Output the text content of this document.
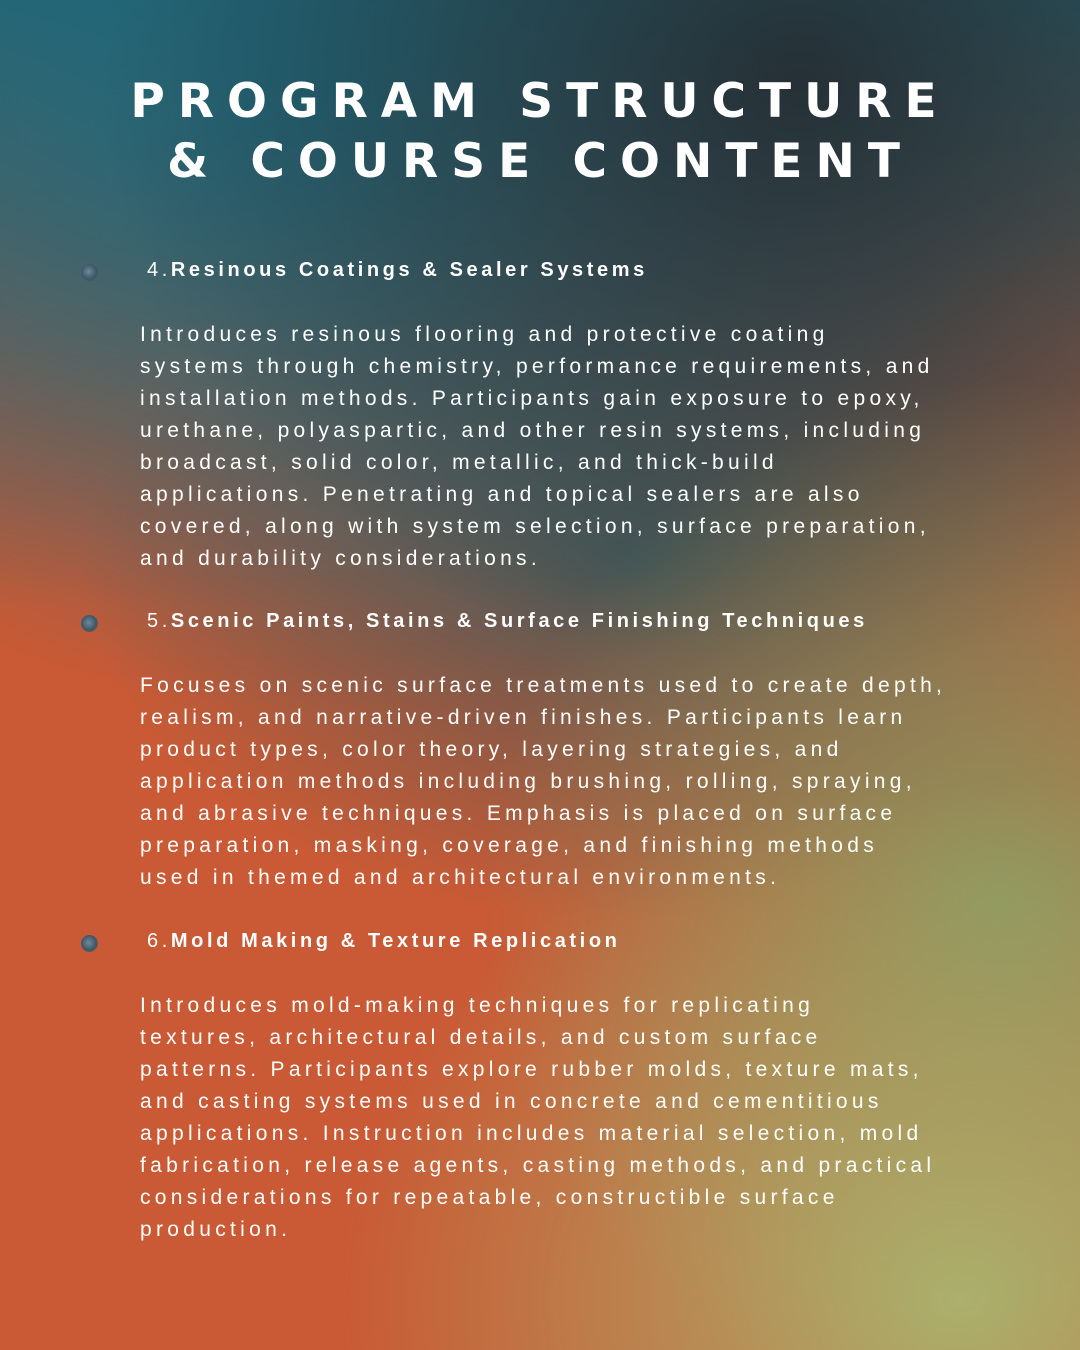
PROGRAM STRUCTURE
& COURSE CONTENT

4.Resinous Coatings & Sealer Systems

Introduces resinous flooring and protective coating
systems through chemistry, performance requirements, and
installation methods. Participants gain exposure to epoxy,
urethane, polyaspartic, and other resin systems, including
broadcast, solid color, metallic, and thick-build
applications. Penetrating and topical sealers are also
covered, along with system selection, surface preparation,
and durability considerations.

5.Scenic Paints, Stains & Surface Finishing Techniques

Focuses on scenic surface treatments used to create depth,
realism, and narrative-driven finishes. Participants learn
product types, color theory, layering strategies, and
application methods including brushing, rolling, spraying,
and abrasive techniques. Emphasis is placed on surface
preparation, masking, coverage, and finishing methods
used in themed and architectural environments.

6.Mold Making & Texture Replication

Introduces mold-making techniques for replicating
textures, architectural details, and custom surface
patterns. Participants explore rubber molds, texture mats,
and casting systems used in concrete and cementitious
applications. Instruction includes material selection, mold
fabrication, release agents, casting methods, and practical
considerations for repeatable, constructible surface
production.
